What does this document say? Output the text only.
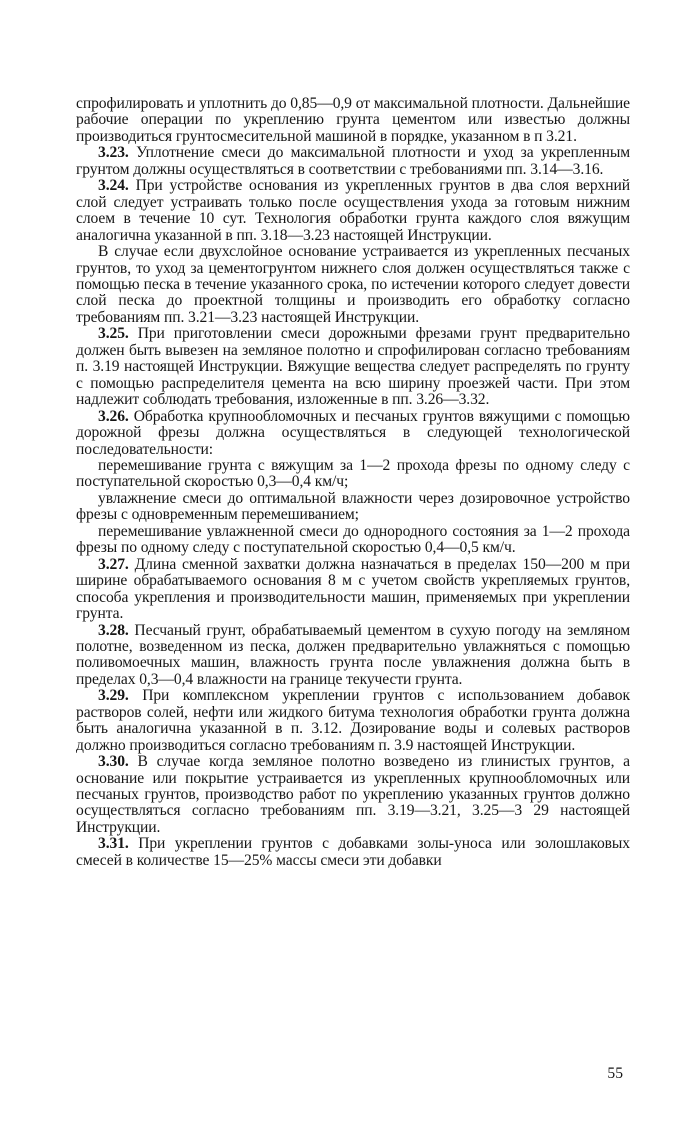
спрофилировать и уплотнить до 0,85—0,9 от максимальной плотности. Дальнейшие рабочие операции по укреплению грунта цементом или известью должны производиться грунтосмесительной машиной в порядке, указанном в п 3.21.

3.23. Уплотнение смеси до максимальной плотности и уход за укрепленным грунтом должны осуществляться в соответствии с требованиями пп. 3.14—3.16.

3.24. При устройстве основания из укрепленных грунтов в два слоя верхний слой следует устраивать только после осуществления ухода за готовым нижним слоем в течение 10 сут. Технология обработки грунта каждого слоя вяжущим аналогична указанной в пп. 3.18—3.23 настоящей Инструкции.

В случае если двухслойное основание устраивается из укрепленных песчаных грунтов, то уход за цементогрунтом нижнего слоя должен осуществляться также с помощью песка в течение указанного срока, по истечении которого следует довести слой песка до проектной толщины и производить его обработку согласно требованиям пп. 3.21—3.23 настоящей Инструкции.

3.25. При приготовлении смеси дорожными фрезами грунт предварительно должен быть вывезен на земляное полотно и спрофилирован согласно требованиям п. 3.19 настоящей Инструкции. Вяжущие вещества следует распределять по грунту с помощью распределителя цемента на всю ширину проезжей части. При этом надлежит соблюдать требования, изложенные в пп. 3.26—3.32.

3.26. Обработка крупнообломочных и песчаных грунтов вяжущими с помощью дорожной фрезы должна осуществляться в следующей технологической последовательности:

перемешивание грунта с вяжущим за 1—2 прохода фрезы по одному следу с поступательной скоростью 0,3—0,4 км/ч;

увлажнение смеси до оптимальной влажности через дозировочное устройство фрезы с одновременным перемешиванием;

перемешивание увлажненной смеси до однородного состояния за 1—2 прохода фрезы по одному следу с поступательной скоростью 0,4—0,5 км/ч.

3.27. Длина сменной захватки должна назначаться в пределах 150—200 м при ширине обрабатываемого основания 8 м с учетом свойств укрепляемых грунтов, способа укрепления и производительности машин, применяемых при укреплении грунта.

3.28. Песчаный грунт, обрабатываемый цементом в сухую погоду на земляном полотне, возведенном из песка, должен предварительно увлажняться с помощью поливомоечных машин, влажность грунта после увлажнения должна быть в пределах 0,3—0,4 влажности на границе текучести грунта.

3.29. При комплексном укреплении грунтов с использованием добавок растворов солей, нефти или жидкого битума технология обработки грунта должна быть аналогична указанной в п. 3.12. Дозирование воды и солевых растворов должно производиться согласно требованиям п. 3.9 настоящей Инструкции.

3.30. В случае когда земляное полотно возведено из глинистых грунтов, а основание или покрытие устраивается из укрепленных крупнообломочных или песчаных грунтов, производство работ по укреплению указанных грунтов должно осуществляться согласно требованиям пп. 3.19—3.21, 3.25—3 29 настоящей Инструкции.

3.31. При укреплении грунтов с добавками золы-уноса или золошлаковых смесей в количестве 15—25% массы смеси эти добавки

55
